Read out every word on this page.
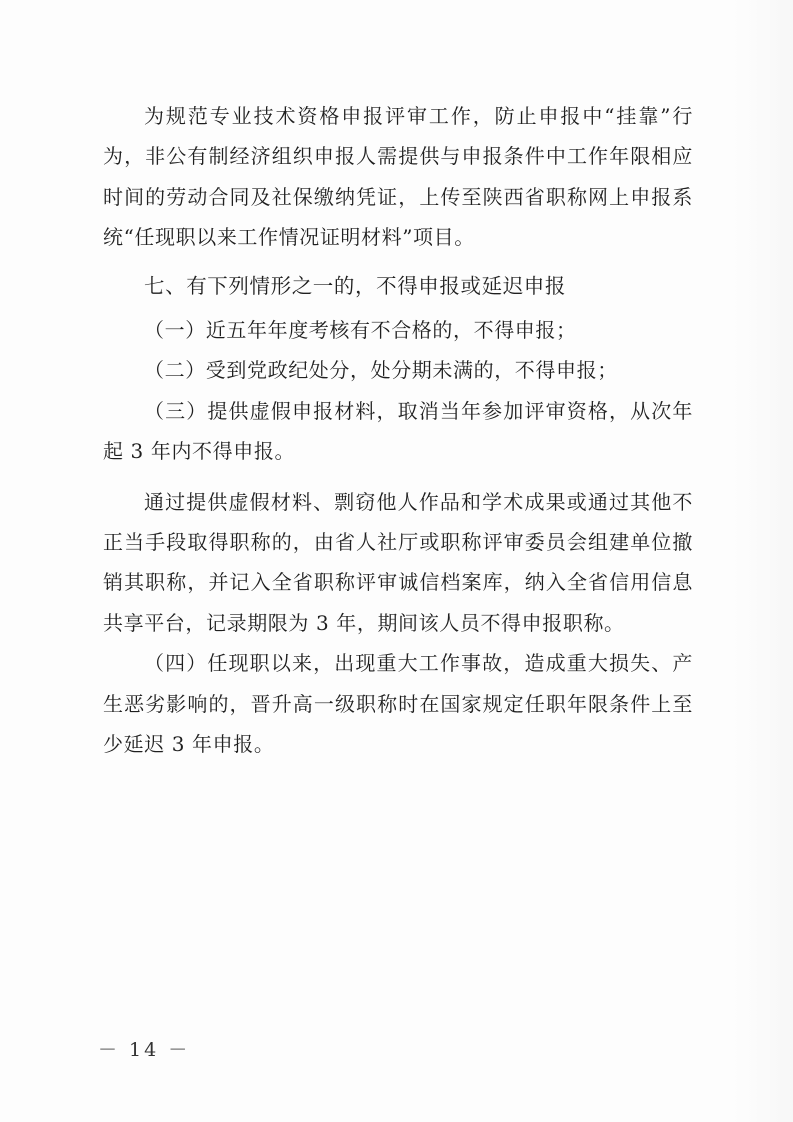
为规范专业技术资格申报评审工作，防止申报中“挂靠”行为，非公有制经济组织申报人需提供与申报条件中工作年限相应时间的劳动合同及社保缴纳凭证，上传至陕西省职称网上申报系统“任现职以来工作情况证明材料”项目。

七、有下列情形之一的，不得申报或延迟申报

（一）近五年年度考核有不合格的，不得申报；

（二）受到党政纪处分，处分期未满的，不得申报；

（三）提供虚假申报材料，取消当年参加评审资格，从次年起 3 年内不得申报。

通过提供虚假材料、剽窃他人作品和学术成果或通过其他不正当手段取得职称的，由省人社厅或职称评审委员会组建单位撤销其职称，并记入全省职称评审诚信档案库，纳入全省信用信息共享平台，记录期限为 3 年，期间该人员不得申报职称。

（四）任现职以来，出现重大工作事故，造成重大损失、产生恶劣影响的，晋升高一级职称时在国家规定任职年限条件上至少延迟 3 年申报。

－ 14 －
